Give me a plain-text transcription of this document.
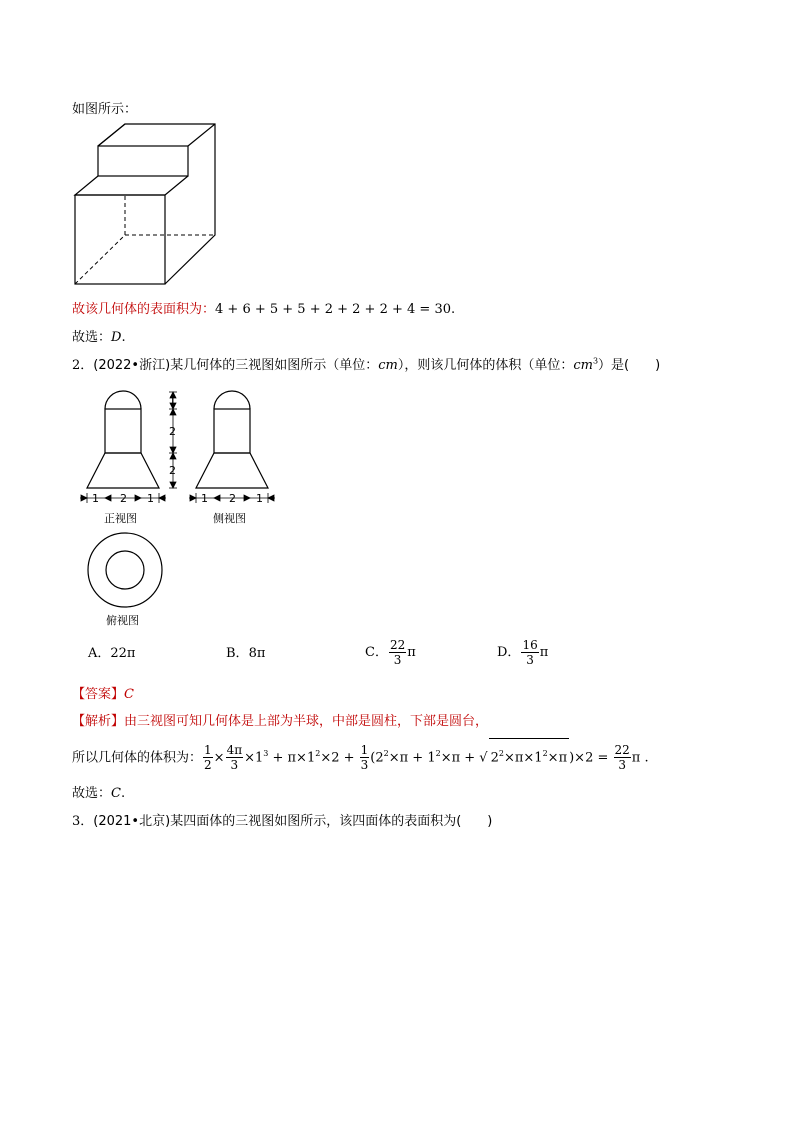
如图所示：
故该几何体的表面积为：4 + 6 + 5 + 5 + 2 + 2 + 2 + 4 = 30.
故选：D.
2．(2022•浙江)某几何体的三视图如图所示（单位：cm），则该几何体的体积（单位：$cm^3$）是(　　)
1
2
2
1 2 1	1 2 1
正视图	侧视图
俯视图
A．22π	B．8π	C． $\frac{22}{3}$ π	D． $\frac{16}{3}$ π
【答案】C
【解析】由三视图可知几何体是上部为半球，中部是圆柱，下部是圆台，
所以几何体的体积为： $\frac{1}{2} \times \frac{4\pi}{3} \times 1^3 + \pi\times 1^2\times 2 + \frac{1}{3} (2^2\times\pi + 1^2\times\pi$ + √ $2^2\times\pi\times 1^2\times\pi$ )$\times 2 = \frac{22}{3}$ π .
故选：C.
3．(2021•北京)某四面体的三视图如图所示，该四面体的表面积为(　　)
